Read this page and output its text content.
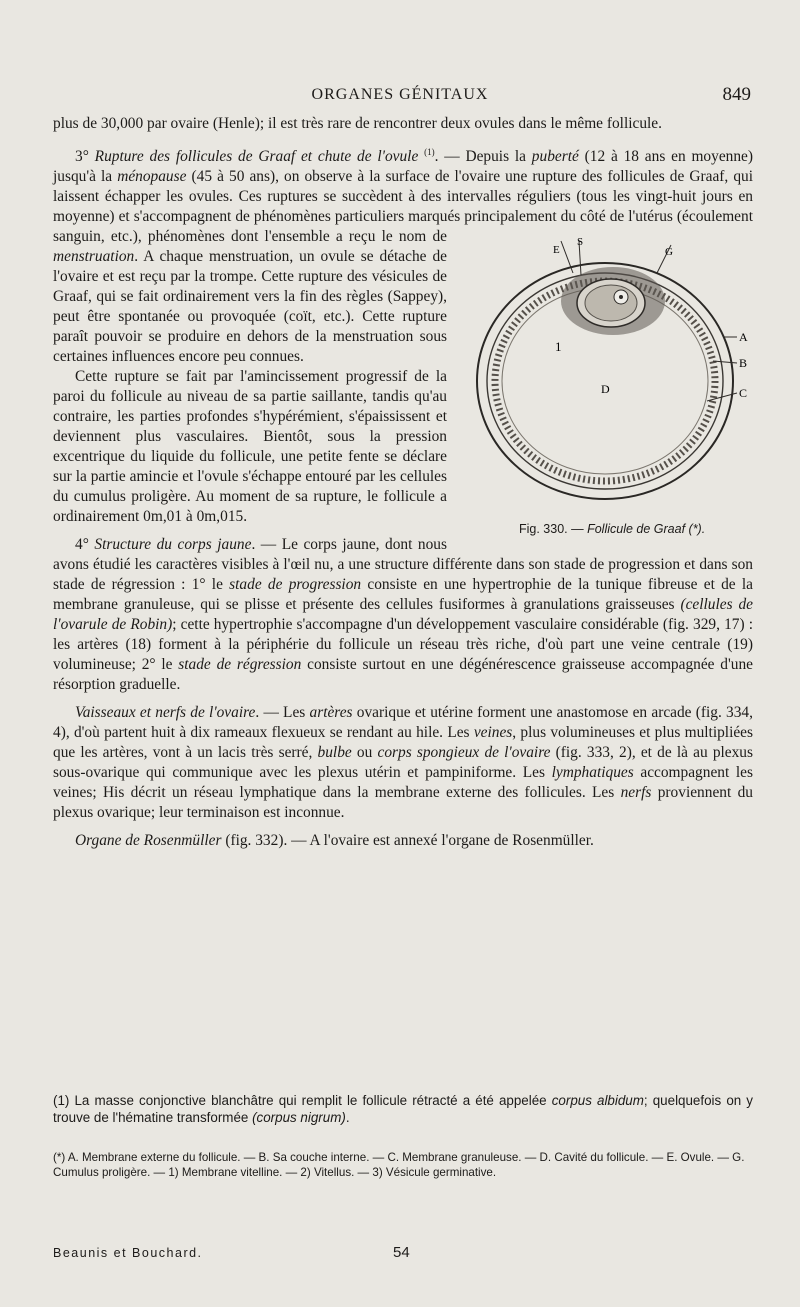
ORGANES GÉNITAUX	849

plus de 30,000 par ovaire (Henle); il est très rare de rencontrer deux ovules dans le même follicule.

3° Rupture des follicules de Graaf et chute de l'ovule $^{(1)}$. — Depuis la puberté (12 à 18 ans en moyenne) jusqu'à la ménopause (45 à 50 ans), on observe à la surface de l'ovaire une rupture des follicules de Graaf, qui laissent échapper les ovules. Ces ruptures se succèdent à des intervalles réguliers (tous les vingt-huit jours en moyenne) et s'accompagnent de phénomènes particuliers marqués principalement du côté de l'utérus (écoulement sanguin, etc.), phénomènes dont l'ensemble a reçu le nom de	S
E	G
1
A
B
C
D
Fig. 330. — Follicule de Graaf (*).
menstruation. A chaque menstruation, un ovule se détache de l'ovaire et est reçu par la trompe. Cette rupture des vésicules de Graaf, qui se fait ordinairement vers la fin des règles (Sappey), peut être spontanée ou provoquée (coït, etc.). Cette rupture paraît pouvoir se produire en dehors de la menstruation sous certaines influences encore peu connues.

Cette rupture se fait par l'amincissement progressif de la paroi du follicule au niveau de sa partie saillante, tandis qu'au contraire, les parties profondes s'hypérémient, s'épaississent et deviennent plus vasculaires. Bientôt, sous la pression excentrique du liquide du follicule, une petite fente se déclare sur la partie amincie et l'ovule s'échappe entouré par les cellules du cumulus proligère. Au moment de sa rupture, le follicule a ordinairement 0m,01 à 0m,015.

4° Structure du corps jaune. — Le corps jaune, dont nous avons étudié les caractères visibles à l'œil nu, a une structure différente dans son stade de progression et dans son stade de régression : 1° le stade de progression consiste en une hypertrophie de la tunique fibreuse et de la membrane granuleuse, qui se plisse et présente des cellules fusiformes à granulations graisseuses (cellules de l'ovarule de Robin); cette hypertrophie s'accompagne d'un développement vasculaire considérable (fig. 329, 17) : les artères (18) forment à la périphérie du follicule un réseau très riche, d'où part une veine centrale (19) volumineuse; 2° le stade de régression consiste surtout en une dégénérescence graisseuse accompagnée d'une résorption graduelle.

Vaisseaux et nerfs de l'ovaire. — Les artères ovarique et utérine forment une anastomose en arcade (fig. 334, 4), d'où partent huit à dix rameaux flexueux se rendant au hile. Les veines, plus volumineuses et plus multipliées que les artères, vont à un lacis très serré, bulbe ou corps spongieux de l'ovaire (fig. 333, 2), et de là au plexus sous-ovarique qui communique avec les plexus utérin et pampiniforme. Les lymphatiques accompagnent les veines; His décrit un réseau lymphatique dans la membrane externe des follicules. Les nerfs proviennent du plexus ovarique; leur terminaison est inconnue.

Organe de Rosenmüller (fig. 332). — A l'ovaire est annexé l'organe de Rosenmüller.

(1) La masse conjonctive blanchâtre qui remplit le follicule rétracté a été appelée corpus albidum; quelquefois on y trouve de l'hématine transformée (corpus nigrum).
(*) A. Membrane externe du follicule. — B. Sa couche interne. — C. Membrane granuleuse. — D. Cavité du follicule. — E. Ovule. — G. Cumulus proligère. — 1) Membrane vitelline. — 2) Vitellus. — 3) Vésicule germinative.
Beaunis et Bouchard.	54
